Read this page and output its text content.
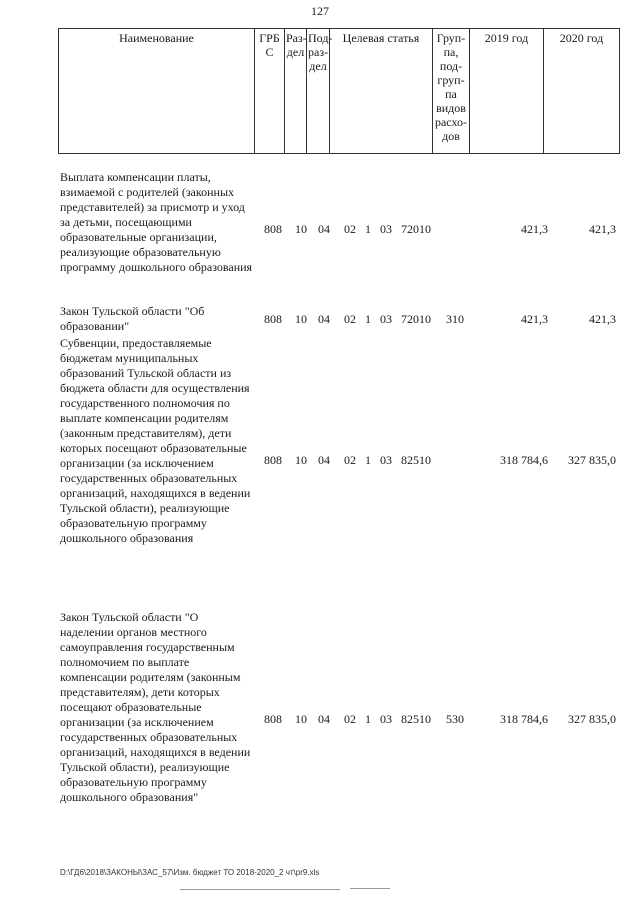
127
Наименование	ГРБ С	Раз-дел	Под-раз-дел	Целевая статья	Груп-па, под-груп-па видов расхо-дов	2019 год	2020 год
Выплата компенсации платы, взимаемой с родителей (законных представителей) за присмотр и уход за детьми, посещающими образовательные организации, реализующие образовательную программу дошкольного образования
808	10 04	02 1 03 72010	421,3	421,3
Закон Тульской области "Об образовании"	808	10 04	02 1 03 72010	310	421,3	421,3
Субвенции, предоставляемые бюджетам муниципальных образований Тульской области из бюджета области для осуществления государственного полномочия по выплате компенсации родителям (законным представителям), дети которых посещают образовательные организации (за исключением государственных образовательных организаций, находящихся в ведении Тульской области), реализующие образовательную программу дошкольного образования
808	10 04	02 1 03 82510	318 784,6	327 835,0
Закон Тульской области "О наделении органов местного самоуправления государственным полномочием по выплате компенсации родителям (законным представителям), дети которых посещают образовательные организации (за исключением государственных образовательных организаций, находящихся в ведении Тульской области), реализующие образовательную программу дошкольного образования"
808	10 04	02 1 03 82510	530	318 784,6	327 835,0
D:\ГД6\2018\ЗАКОНЫ\ЗАС_57\Изм. бюджет ТО 2018-2020_2 чт\pr9.xls
